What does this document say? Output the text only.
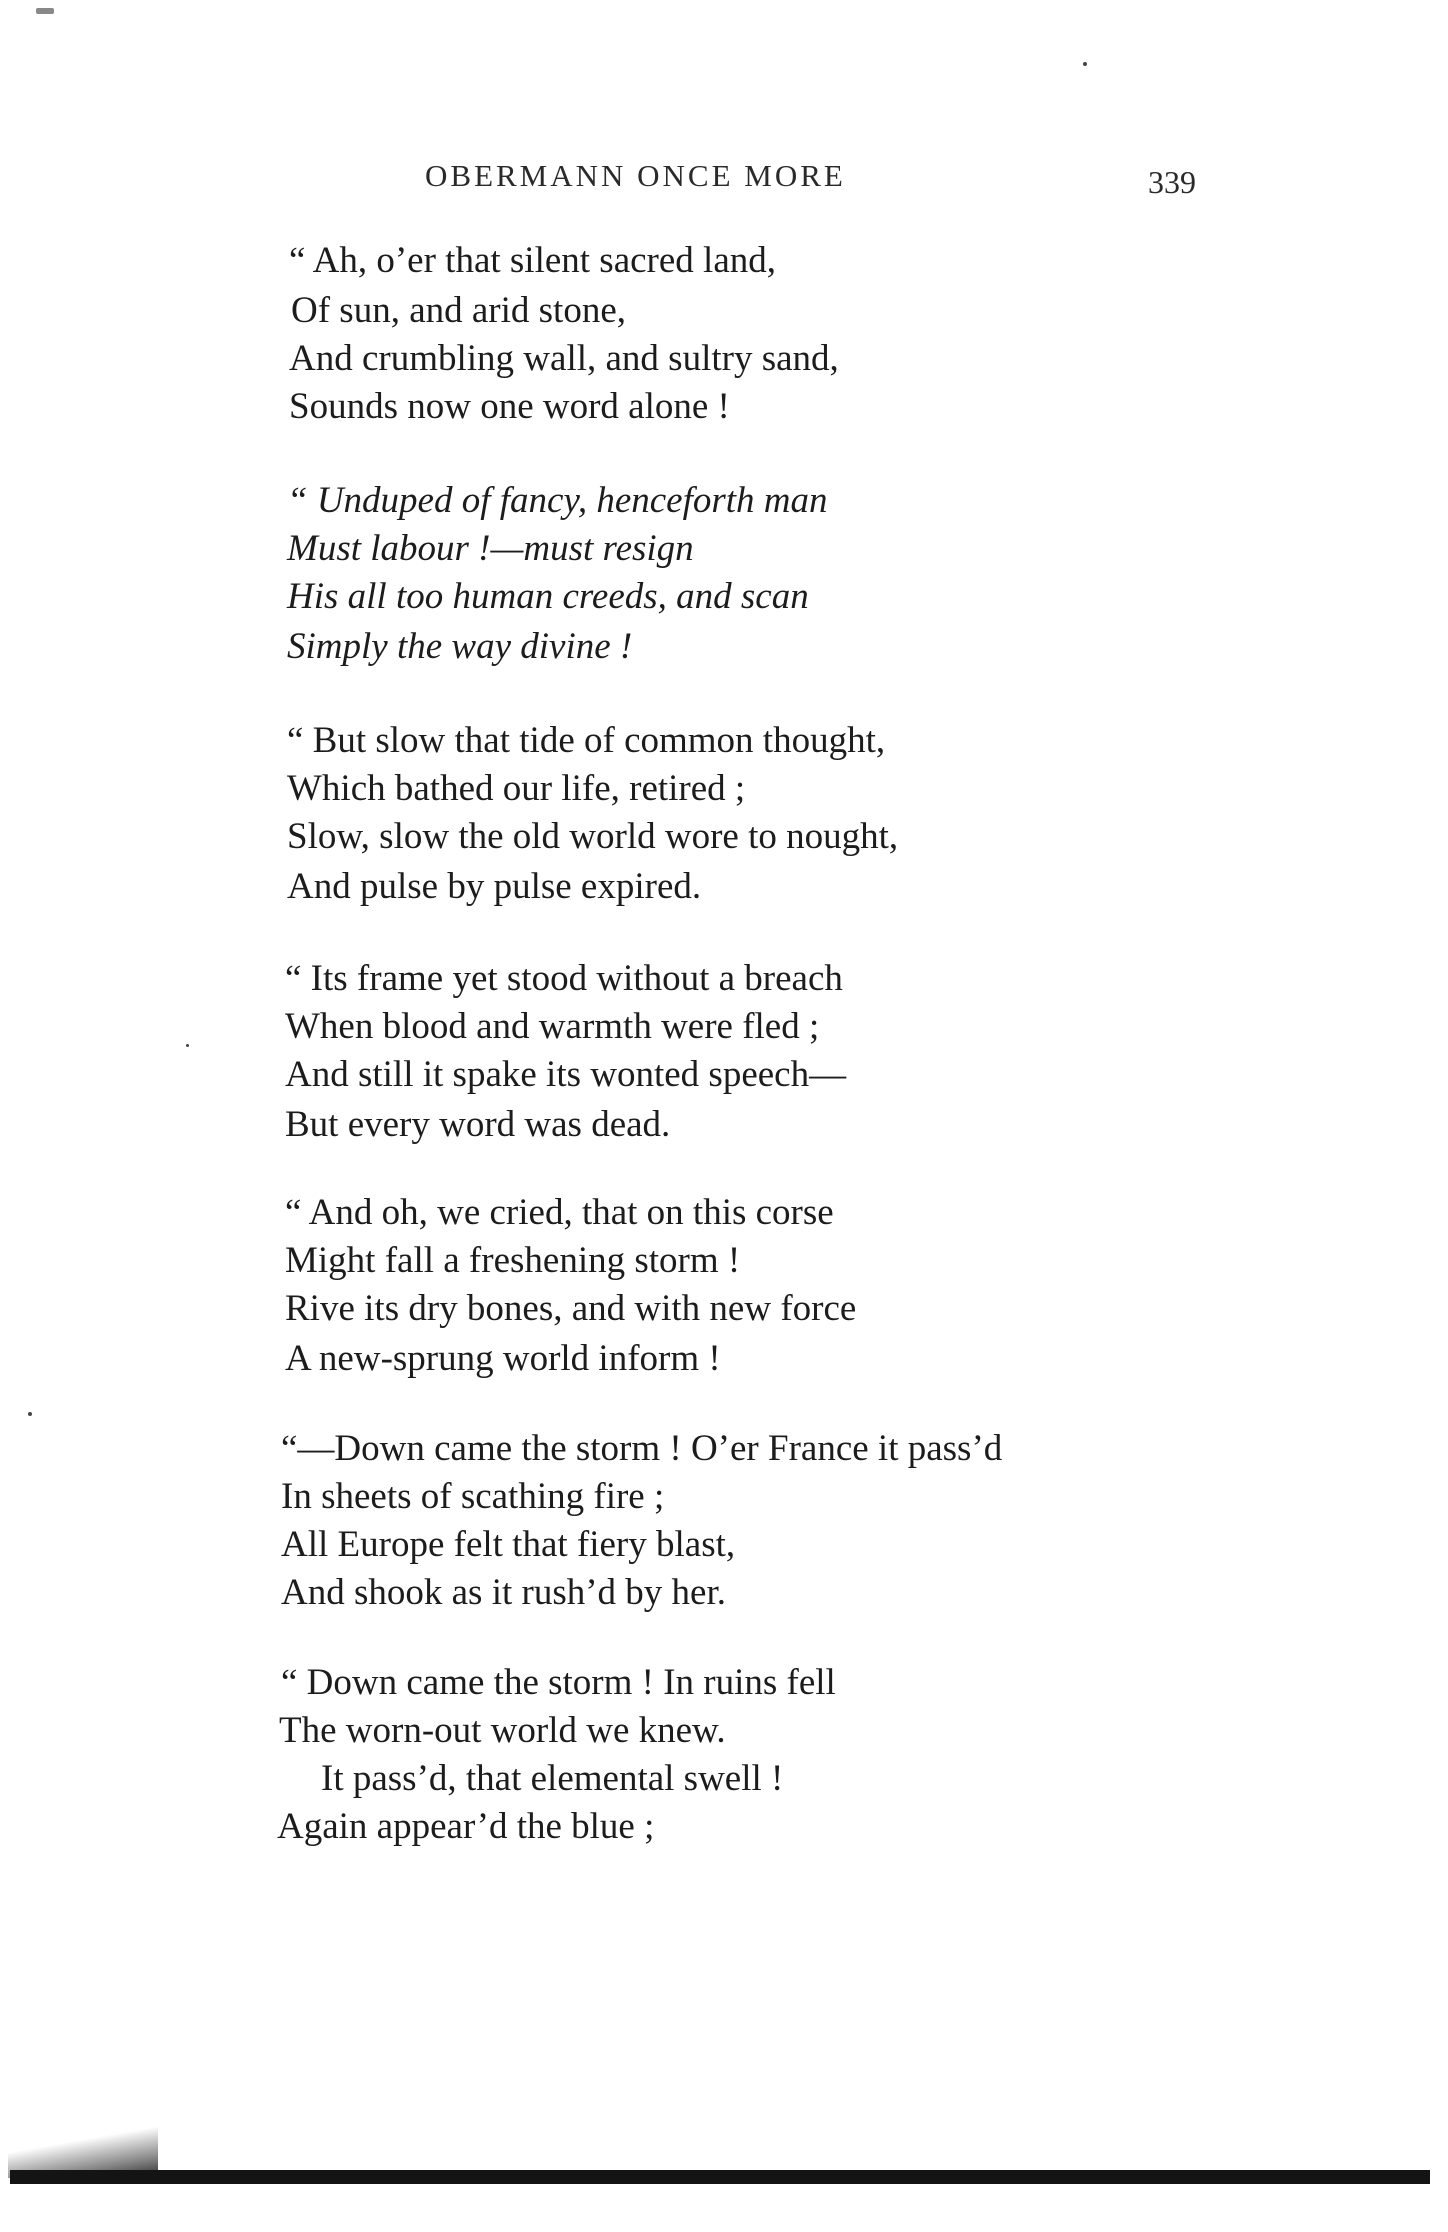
OBERMANN ONCE MORE	339
“ Ah, o’er that silent sacred land,
Of sun, and arid stone,
And crumbling wall, and sultry sand,
Sounds now one word alone !
“ Unduped of fancy, henceforth man
Must labour !—must resign
His all too human creeds, and scan
Simply the way divine !
“ But slow that tide of common thought,
Which bathed our life, retired ;
Slow, slow the old world wore to nought,
And pulse by pulse expired.
“ Its frame yet stood without a breach
When blood and warmth were fled ;
And still it spake its wonted speech—
But every word was dead.
“ And oh, we cried, that on this corse
Might fall a freshening storm !
Rive its dry bones, and with new force
A new-sprung world inform !
“—Down came the storm ! O’er France it pass’d
In sheets of scathing fire ;
All Europe felt that fiery blast,
And shook as it rush’d by her.
“ Down came the storm ! In ruins fell
The worn-out world we knew.
It pass’d, that elemental swell !
Again appear’d the blue ;
